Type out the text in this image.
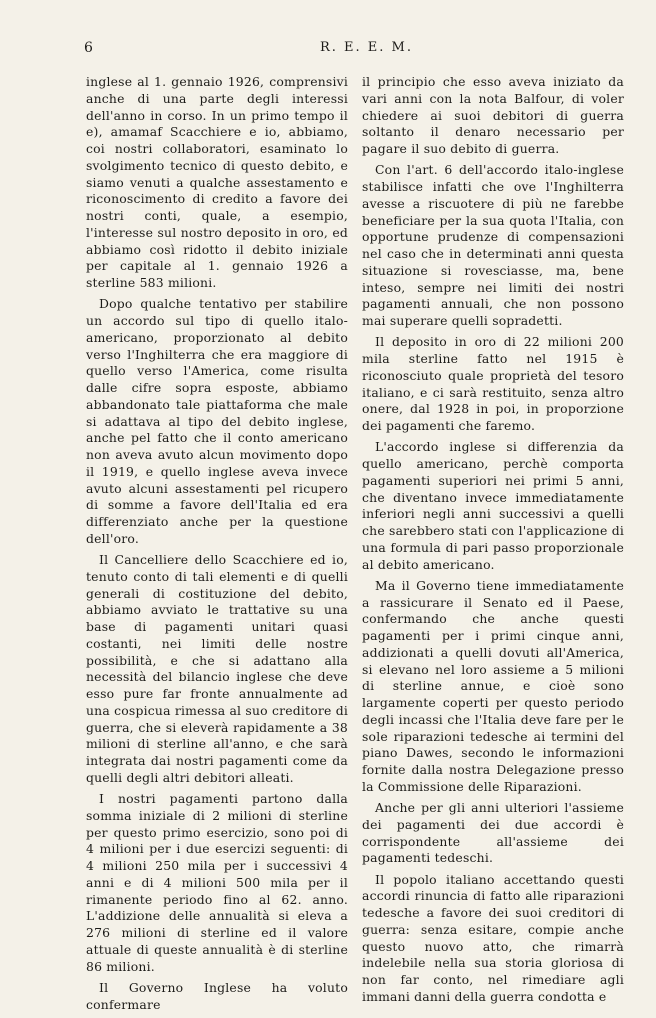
6	R. E. E. M.

inglese al 1. gennaio 1926, comprensivi anche di una parte degli interessi dell'anno in corso. In un primo tempo il e), amamaf Scacchiere e io, abbiamo, coi nostri collaboratori, esaminato lo svolgimento tecnico di questo debito, e siamo venuti a qualche assestamento e riconoscimento di credito a favore dei nostri conti, quale, a esempio, l'interesse sul nostro deposito in oro, ed abbiamo così ridotto il debito iniziale per capitale al 1. gennaio 1926 a sterline 583 milioni.

Dopo qualche tentativo per stabilire un accordo sul tipo di quello italo-americano, proporzionato al debito verso l'Inghilterra che era maggiore di quello verso l'America, come risulta dalle cifre sopra esposte, abbiamo abbandonato tale piattaforma che male si adattava al tipo del debito inglese, anche pel fatto che il conto americano non aveva avuto alcun movimento dopo il 1919, e quello inglese aveva invece avuto alcuni assestamenti pel ricupero di somme a favore dell'Italia ed era differenziato anche per la questione dell'oro.

Il Cancelliere dello Scacchiere ed io, tenuto conto di tali elementi e di quelli generali di costituzione del debito, abbiamo avviato le trattative su una base di pagamenti unitari quasi costanti, nei limiti delle nostre possibilità, e che si adattano alla necessità del bilancio inglese che deve esso pure far fronte annualmente ad una cospicua rimessa al suo creditore di guerra, che si eleverà rapidamente a 38 milioni di sterline all'anno, e che sarà integrata dai nostri pagamenti come da quelli degli altri debitori alleati.

I nostri pagamenti partono dalla somma iniziale di 2 milioni di sterline per questo primo esercizio, sono poi di 4 milioni per i due esercizi seguenti: di 4 milioni 250 mila per i successivi 4 anni e di 4 milioni 500 mila per il rimanente periodo fino al 62. anno. L'addizione delle annualità si eleva a 276 milioni di sterline ed il valore attuale di queste annualità è di sterline 86 milioni.

Il Governo Inglese ha voluto confermare

il principio che esso aveva iniziato da vari anni con la nota Balfour, di voler chiedere ai suoi debitori di guerra soltanto il denaro necessario per pagare il suo debito di guerra.

Con l'art. 6 dell'accordo italo-inglese stabilisce infatti che ove l'Inghilterra avesse a riscuotere di più ne farebbe beneficiare per la sua quota l'Italia, con opportune prudenze di compensazioni nel caso che in determinati anni questa situazione si rovesciasse, ma, bene inteso, sempre nei limiti dei nostri pagamenti annuali, che non possono mai superare quelli sopradetti.

Il deposito in oro di 22 milioni 200 mila sterline fatto nel 1915 è riconosciuto quale proprietà del tesoro italiano, e ci sarà restituito, senza altro onere, dal 1928 in poi, in proporzione dei pagamenti che faremo.

L'accordo inglese si differenzia da quello americano, perchè comporta pagamenti superiori nei primi 5 anni, che diventano invece immediatamente inferiori negli anni successivi a quelli che sarebbero stati con l'applicazione di una formula di pari passo proporzionale al debito americano.

Ma il Governo tiene immediatamente a rassicurare il Senato ed il Paese, confermando che anche questi pagamenti per i primi cinque anni, addizionati a quelli dovuti all'America, si elevano nel loro assieme a 5 milioni di sterline annue, e cioè sono largamente coperti per questo periodo degli incassi che l'Italia deve fare per le sole riparazioni tedesche ai termini del piano Dawes, secondo le informazioni fornite dalla nostra Delegazione presso la Commissione delle Riparazioni.

Anche per gli anni ulteriori l'assieme dei pagamenti dei due accordi è corrispondente all'assieme dei pagamenti tedeschi.

Il popolo italiano accettando questi accordi rinuncia di fatto alle riparazioni tedesche a favore dei suoi creditori di guerra: senza esitare, compie anche questo nuovo atto, che rimarrà indelebile nella sua storia gloriosa di non far conto, nel rimediare agli immani danni della guerra condotta e
